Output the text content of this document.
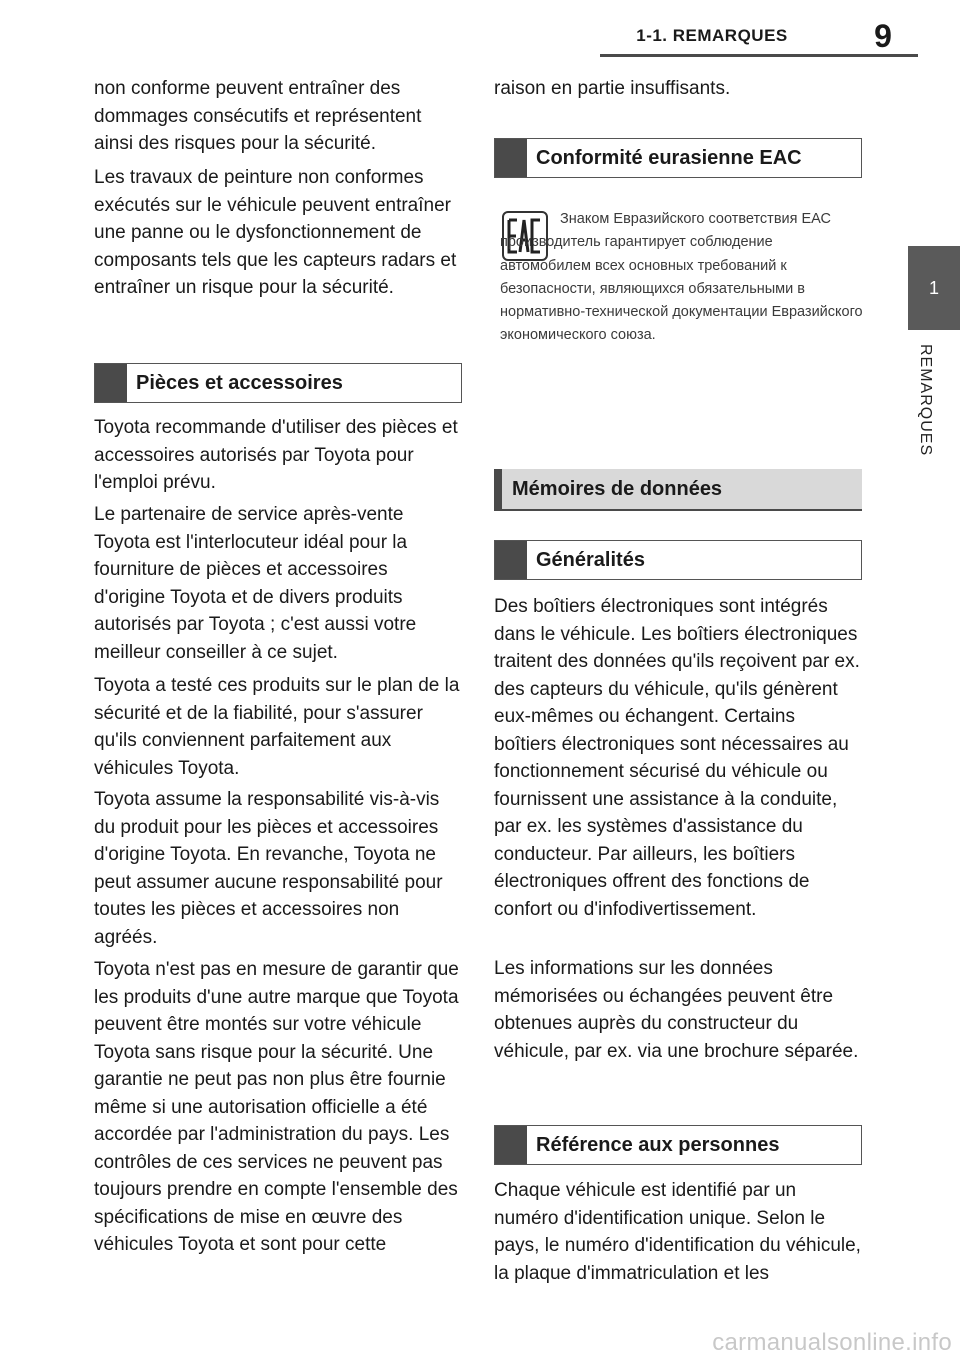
1-1. REMARQUES	9
1
REMARQUES

non conforme peuvent entraîner des dommages consécutifs et représentent ainsi des risques pour la sécurité.

Les travaux de peinture non conformes exécutés sur le véhicule peuvent entraîner une panne ou le dysfonctionnement de composants tels que les capteurs radars et entraîner un risque pour la sécurité.

Pièces et accessoires

Toyota recommande d'utiliser des pièces et accessoires autorisés par Toyota pour l'emploi prévu.

Le partenaire de service après-vente Toyota est l'interlocuteur idéal pour la fourniture de pièces et accessoires d'origine Toyota et de divers produits autorisés par Toyota ; c'est aussi votre meilleur conseiller à ce sujet.

Toyota a testé ces produits sur le plan de la sécurité et de la fiabilité, pour s'assurer qu'ils conviennent parfaitement aux véhicules Toyota.

Toyota assume la responsabilité vis-à-vis du produit pour les pièces et accessoires d'origine Toyota. En revanche, Toyota ne peut assumer aucune responsabilité pour toutes les pièces et accessoires non agréés.

Toyota n'est pas en mesure de garantir que les produits d'une autre marque que Toyota peuvent être montés sur votre véhicule Toyota sans risque pour la sécurité. Une garantie ne peut pas non plus être fournie même si une autorisation officielle a été accordée par l'administration du pays. Les contrôles de ces services ne peuvent pas toujours prendre en compte l'ensemble des spécifications de mise en œuvre des véhicules Toyota et sont pour cette

raison en partie insuffisants.

Conformité eurasienne EAC

Знаком Евразийского соответствия ЕАС производитель гарантирует соблюдение автомобилем всех основных требований к безопасности, являющихся обязательными в нормативно-технической документации Евразийского экономического союза.

Mémoires de données
Généralités

Des boîtiers électroniques sont intégrés dans le véhicule. Les boîtiers électroniques traitent des données qu'ils reçoivent par ex. des capteurs du véhicule, qu'ils génèrent eux-mêmes ou échangent. Certains boîtiers électroniques sont nécessaires au fonctionnement sécurisé du véhicule ou fournissent une assistance à la conduite, par ex. les systèmes d'assistance du conducteur. Par ailleurs, les boîtiers électroniques offrent des fonctions de confort ou d'infodivertissement.

Les informations sur les données mémorisées ou échangées peuvent être obtenues auprès du constructeur du véhicule, par ex. via une brochure séparée.

Référence aux personnes

Chaque véhicule est identifié par un numéro d'identification unique. Selon le pays, le numéro d'identification du véhicule, la plaque d'immatriculation et les

carmanualsonline.info
